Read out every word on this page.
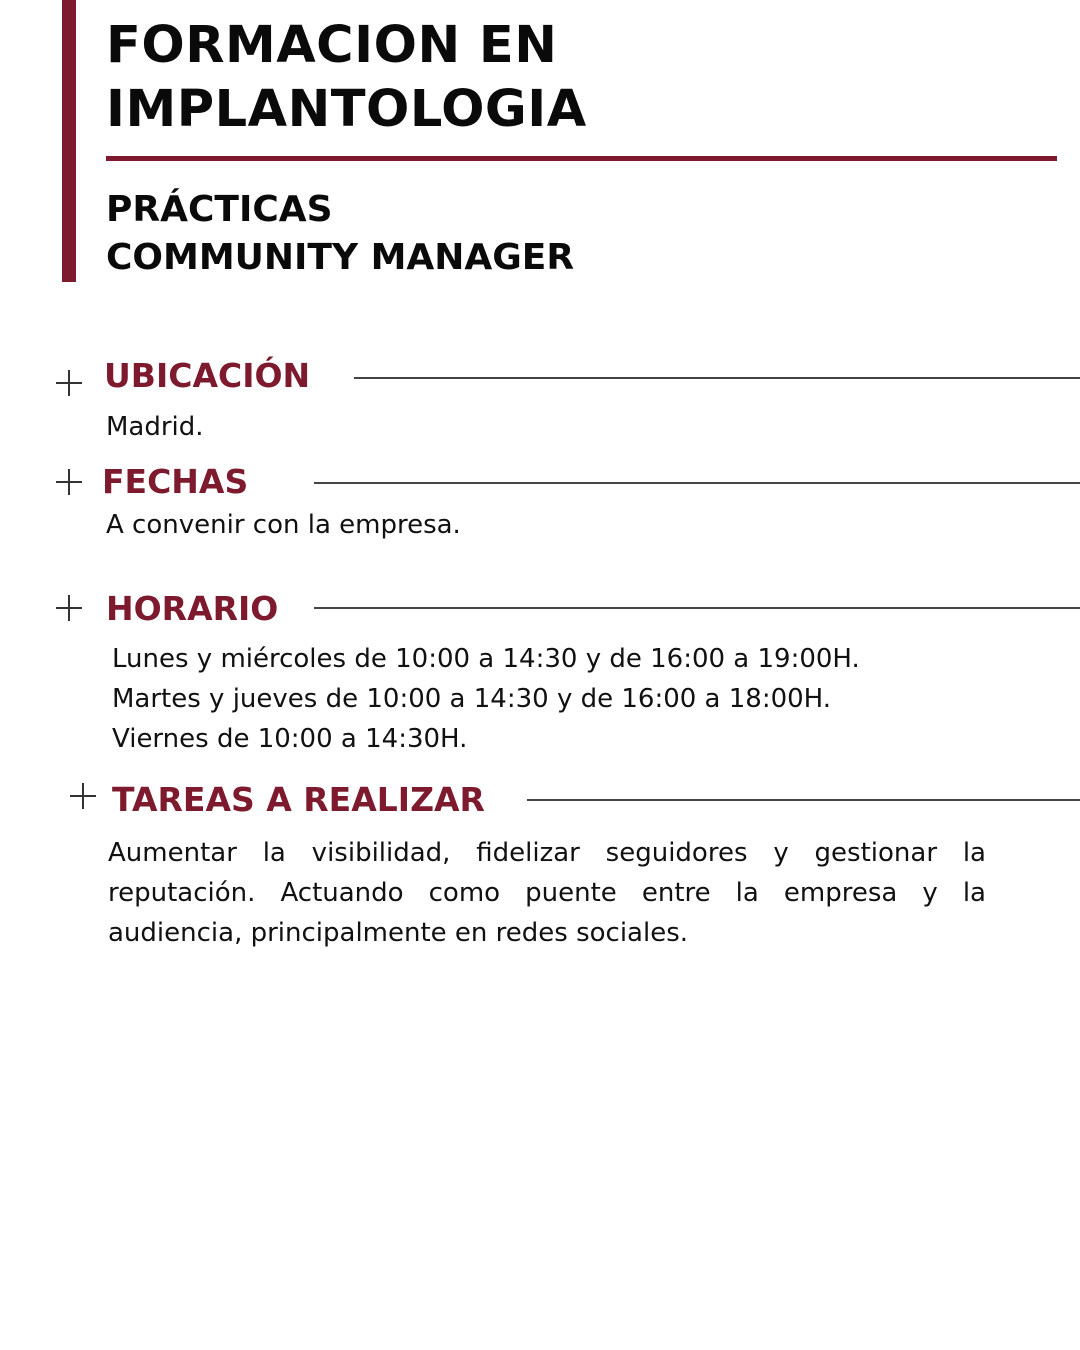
FORMACION EN
IMPLANTOLOGIA
PRÁCTICAS
COMMUNITY MANAGER
UBICACIÓN

Madrid.

FECHAS

A convenir con la empresa.

HORARIO

Lunes y miércoles de 10:00 a 14:30 y de 16:00 a 19:00H.
Martes y jueves de 10:00 a 14:30 y de 16:00 a 18:00H.
Viernes de 10:00 a 14:30H.

TAREAS A REALIZAR

Aumentar la visibilidad, fidelizar seguidores y gestionar la reputación. Actuando como puente entre la empresa y la audiencia, principalmente en redes sociales.
